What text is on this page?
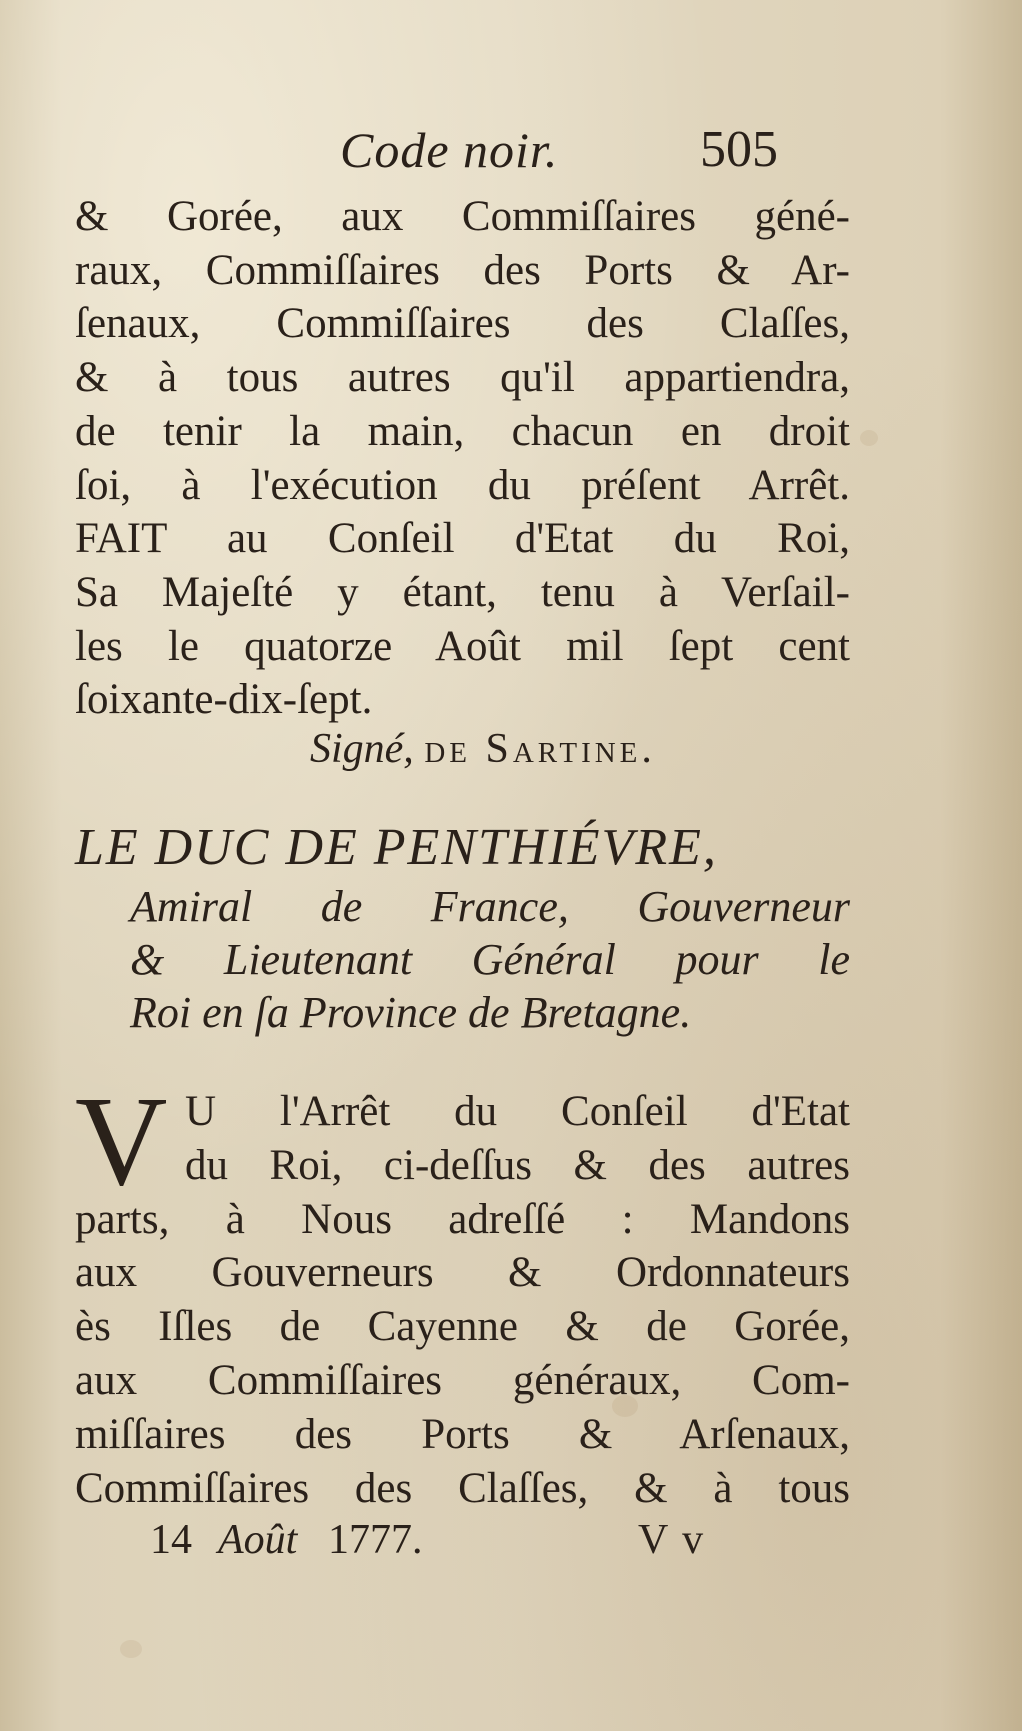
Code noir.	505
& Gorée, aux Commiſſaires géné-
raux, Commiſſaires des Ports & Ar-
ſenaux, Commiſſaires des Claſſes,
& à tous autres qu'il appartiendra,
de tenir la main, chacun en droit
ſoi, à l'exécution du préſent Arrêt.
FAIT au Conſeil d'Etat du Roi,
Sa Majeſté y étant, tenu à Verſail-
les le quatorze Août mil ſept cent
ſoixante-dix-ſept.
Signé, de Sartine.
LE DUC DE PENTHIÉVRE,
Amiral de France, Gouverneur
& Lieutenant Général pour le
Roi en ſa Province de Bretagne.
V U l'Arrêt du Conſeil d'Etat
du Roi, ci-deſſus & des autres
parts, à Nous adreſſé : Mandons
aux Gouverneurs & Ordonnateurs
ès Iſles de Cayenne & de Gorée,
aux Commiſſaires généraux, Com-
miſſaires des Ports & Arſenaux,
Commiſſaires des Claſſes, & à tous
14 Août 1777.	V v
